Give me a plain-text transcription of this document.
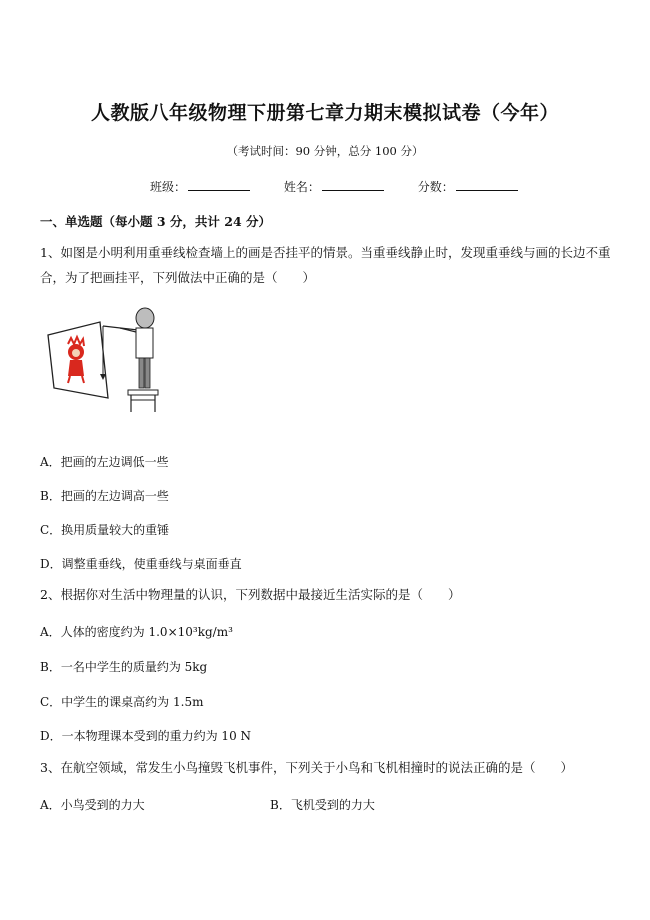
人教版八年级物理下册第七章力期末模拟试卷（今年）
（考试时间：90 分钟，总分 100 分）
班级：	姓名：	分数：
一、单选题（每小题 3 分，共计 24 分）
1、如图是小明利用重垂线检查墙上的画是否挂平的情景。当重垂线静止时，发现重垂线与画的长边不重合，为了把画挂平，下列做法中正确的是（　　）
A．把画的左边调低一些
B．把画的左边调高一些
C．换用质量较大的重锤
D．调整重垂线，使重垂线与桌面垂直
2、根据你对生活中物理量的认识，下列数据中最接近生活实际的是（　　）
A．人体的密度约为 1.0×10³kg/m³
B．一名中学生的质量约为 5kg
C．中学生的课桌高约为 1.5m
D．一本物理课本受到的重力约为 10 N
3、在航空领域，常发生小鸟撞毁飞机事件，下列关于小鸟和飞机相撞时的说法正确的是（　　）
A．小鸟受到的力大	B．飞机受到的力大
